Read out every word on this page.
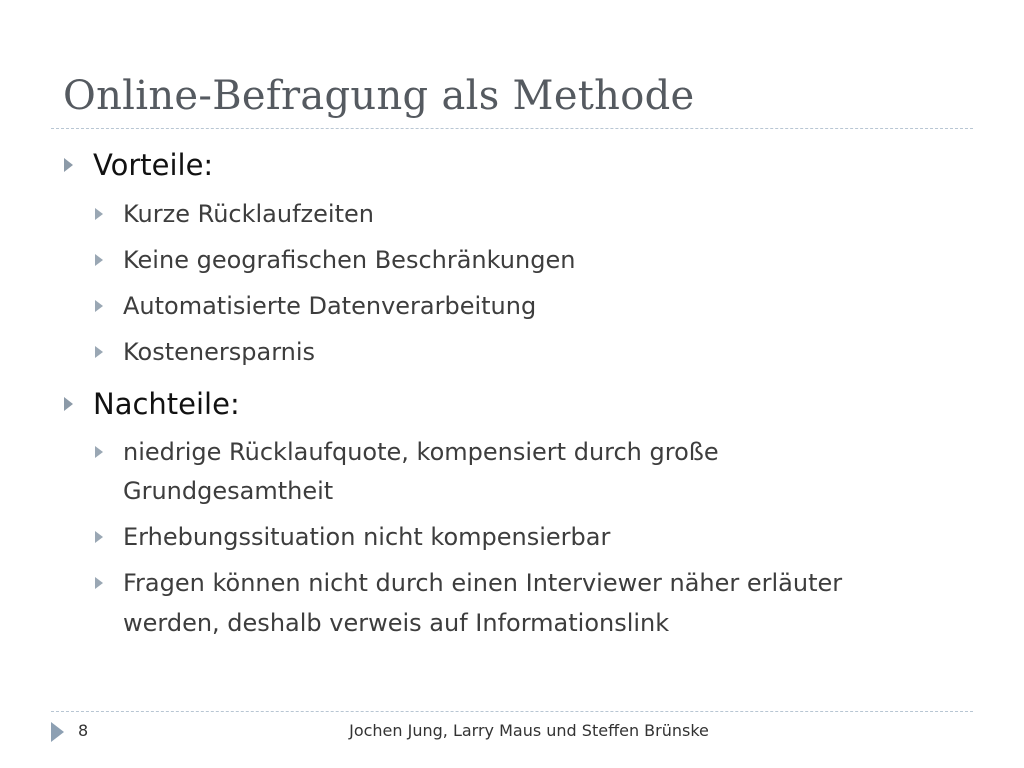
Online-Befragung als Methode
Vorteile:
Kurze Rücklaufzeiten
Keine geografischen Beschränkungen
Automatisierte Datenverarbeitung
Kostenersparnis
Nachteile:
niedrige Rücklaufquote, kompensiert durch große
Grundgesamtheit
Erhebungssituation nicht kompensierbar
Fragen können nicht durch einen Interviewer näher erläuter
werden, deshalb verweis auf Informationslink
8	Jochen Jung, Larry Maus und Steffen Brünske
